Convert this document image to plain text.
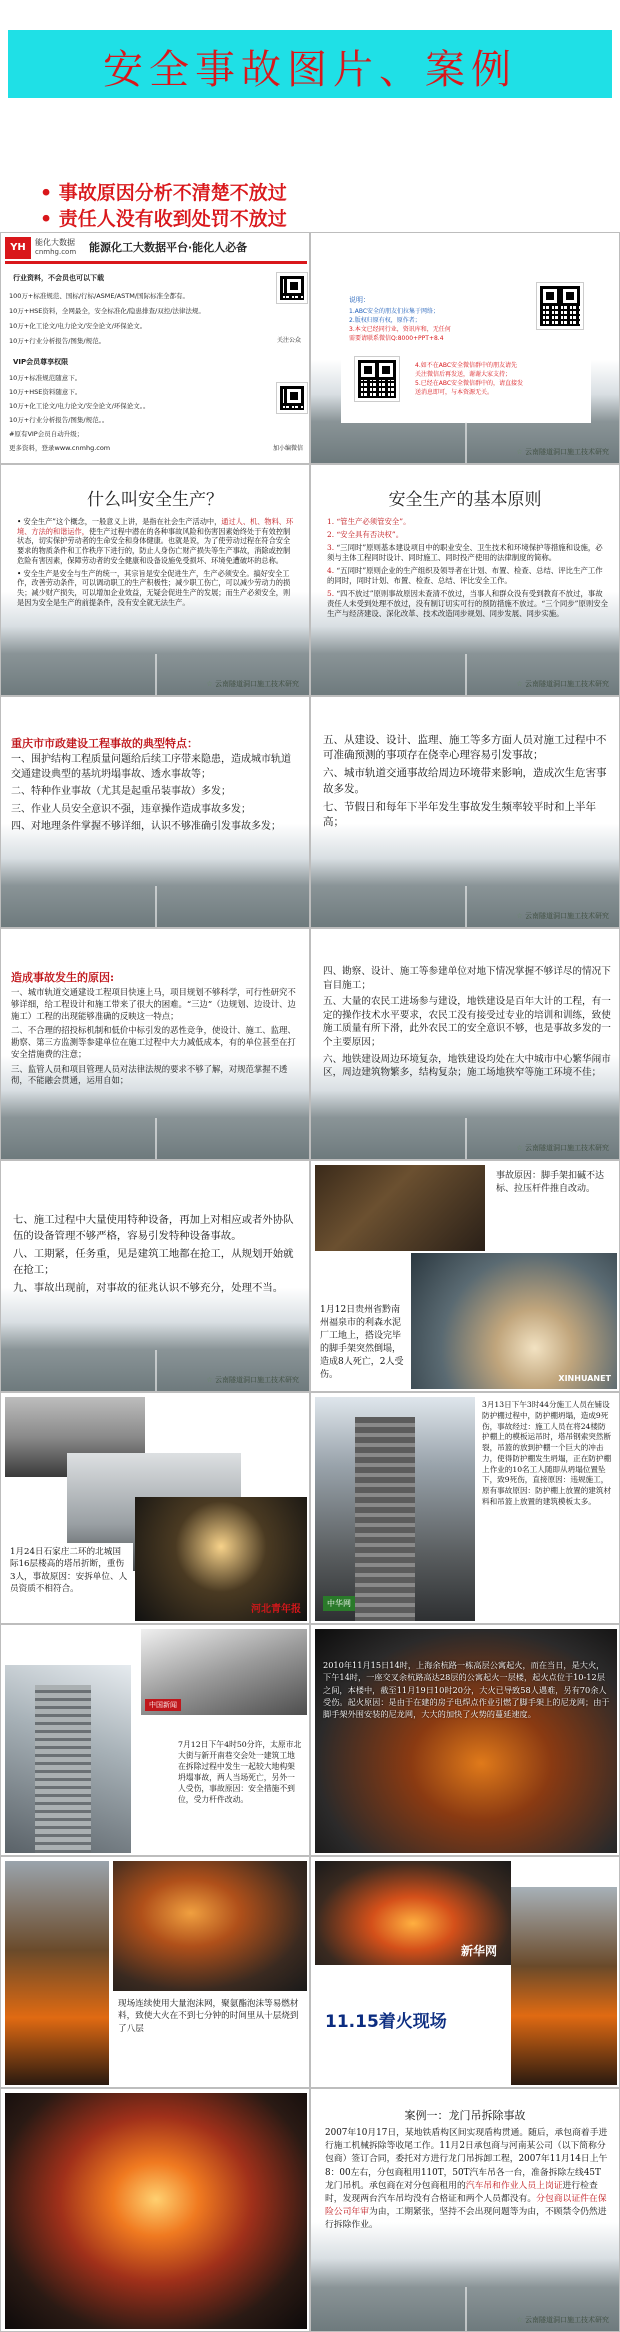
安全事故图片、案例
• 事故原因分析不清楚不放过
• 责任人没有收到处罚不放过
YH	能化大数据
cnmhg.com 能源化工大数据平台·能化人必备
行业资料，不会员也可以下载
100万+标准规范、国标/行标/ASME/ASTM/国际标准全都有。
10万+HSE资料，全网最全，安全标准化/隐患排查/双控/法律法规。
10万+化工论文/电力论文/安全论文/环保论文。
10万+行业分析报告/图集/规范。	关注公众
VIP会员尊享权限
10万+标准规范随意下。
10万+HSE资料随意下。
10万+化工论文/电力论文/安全论文/环保论文。。
10万+行业分析报告/图集/规范。。
#原有VIP会员自动升级；
更多资料，登录www.cnmhg.com	加小编微信
说明：
1.ABC安全的朋友们拉集于网络；
2.版权归原有权，原作者；
3.本文已经同行业，资讯库和，无任何
需要请联系微信Q:8000+PPT+8.4
4.如不在ABC安全微信群中的朋友请先
关注微信后再发送，谢谢大家支持；
5.已经在ABC安全微信群中的，请直接发
送消息即可，与本资源无关。
☆ 云南隧道洞口施工技术研究
什么叫安全生产？

• 安全生产”这个概念，一般意义上讲，是指在社会生产活动中，通过人、机、物料、环境、方法的和谐运作，使生产过程中潜在的各种事故风险和伤害因素始终处于有效控制状态，切实保护劳动者的生命安全和身体健康。也就是说，为了使劳动过程在符合安全要求的物质条件和工作秩序下进行的，防止人身伤亡财产损失等生产事故，消除或控制危险有害因素，保障劳动者的安全健康和设备设施免受损坏、环境免遭破坏的总称。

• 安全生产是安全与生产的统一，其宗旨是安全促进生产，生产必须安全。搞好安全工作，改善劳动条件，可以调动职工的生产积极性；减少职工伤亡，可以减少劳动力的损失；减少财产损失，可以增加企业效益，无疑会促进生产的发展；而生产必须安全，则是因为安全是生产的前提条件，没有安全就无法生产。

☆ 云南隧道洞口施工技术研究
安全生产的基本原则

1. “管生产必须管安全”。

2. “安全具有否决权”。

3. “三同时”原则基本建设项目中的职业安全、卫生技术和环境保护等措施和设施，必须与主体工程同时设计、同时施工、同时投产使用的法律制度的简称。

4. “五同时”原则企业的生产组织及领导者在计划、布置、检查、总结、评比生产工作的同时，同时计划、布置、检查、总结、评比安全工作。

5. “四不放过”原则事故原因未查清不放过，当事人和群众没有受到教育不放过，事故责任人未受到处理不放过，没有制订切实可行的预防措施不放过。“三个同步”原则安全生产与经济建设、深化改革、技术改造同步规划、同步发展、同步实施。

☆ 云南隧道洞口施工技术研究
重庆市市政建设工程事故的典型特点：

一、围护结构工程质量问题给后续工序带来隐患，造成城市轨道交通建设典型的基坑坍塌事故、透水事故等；

二、特种作业事故（尤其是起重吊装事故）多发；

三、作业人员安全意识不强，违章操作造成事故多发；

四、对地理条件掌握不够详细，认识不够准确引发事故多发；

五、从建设、设计、监理、施工等多方面人员对施工过程中不可准确预测的事项存在侥幸心理容易引发事故；

六、城市轨道交通事故给周边环境带来影响，造成次生危害事故多发。

七、节假日和每年下半年发生事故发生频率较平时和上半年高；

☆ 云南隧道洞口施工技术研究
造成事故发生的原因:

一、城市轨道交通建设工程项目快速上马，项目规划不够科学，可行性研究不够详细，给工程设计和施工带来了很大的困难。“三边”（边规划、边设计、边施工）工程的出现能够准确的反映这一特点；

二、不合理的招投标机制和低价中标引发的恶性竞争，使设计、施工、监理、勘察、第三方监测等参建单位在施工过程中大力减低成本，有的单位甚至在打安全措施费的注意；

三、监管人员和项目管理人员对法律法规的要求不够了解，对规范掌握不透彻，不能融会贯通，运用自如；

四、勘察、设计、施工等参建单位对地下情况掌握不够详尽的情况下盲目施工；

五、大量的农民工进场参与建设，地铁建设是百年大计的工程，有一定的操作技术水平要求，农民工没有接受过专业的培训和训练，致使施工质量有所下滑，此外农民工的安全意识不够，也是事故多发的一个主要原因；

六、地铁建设周边环境复杂，地铁建设均处在大中城市中心繁华闹市区，周边建筑物繁多，结构复杂；施工场地狭窄等施工环境不佳；

☆ 云南隧道洞口施工技术研究

七、施工过程中大量使用特种设备，再加上对相应或者外协队伍的设备管理不够严格，容易引发特种设备事故。

八、工期紧，任务重，见是建筑工地都在抢工，从规划开始就在抢工；

九、事故出现前，对事故的征兆认识不够充分，处理不当。

☆ 云南隧道洞口施工技术研究
事故原因：脚手架扣碱不达标、拉压杆件推自改动。
XINHUANET
1月12日贵州省黔南州福泉市的利森水泥厂工地上，搭设完毕的脚手架突然倒塌，造成8人死亡，2人受伤。
河北青年报
1月24日石家庄二环的北城国际16层楼高的塔吊折断，重伤3人，事故原因：安拆单位、人员资质不相符合。
中华网
3月13日下午3时44分施工人员在铺设防护棚过程中，防护棚坍塌，造成9死伤，事故经过：施工人员在将24楼防护棚上的模板运吊时，塔吊钢索突然断裂，吊篮的放到护棚一个巨大的冲击力，使得防护棚发生坍塌，正在防护棚上作业的10名工人随即从坍塌位置坠下，致9死伤，直接原因：违规施工，原有事故原因：防护棚上放置的建筑材料和吊篮上放置的建筑模板太多。
中国新闻
7月12日下午4时50分许，太原市北大街与新开南巷交会处一建筑工地在拆除过程中发生一起较大地构架坍塌事故，两人当场死亡，另外一人受伤，事故原因：安全措施不到位，受力杆件改动。
2010年11月15日14时，上海余杭路一栋高层公寓起火，而在当日，是大火，下午14时，一座交叉余杭路高达28层的公寓起火一层楼，起火点位于10-12层之间，本楼中，截至11月19日10时20分，大火已导致58人遇难，另有70余人受伤。起火原因：是由于在建的房子电焊点作业引燃了脚手架上的尼龙网；由于脚手架外围安装的尼龙网，大大的加快了火势的蔓延速度。
现场连续使用大量泡沫网，聚氨酯泡沫等易燃材料，致使大火在不到七分钟的时间里从十层烧到了八层
新华网
11.15着火现场
案例一：龙门吊拆除事故
2007年10月17日，某地铁盾构区间实现盾构贯通。随后，承包商着手进行施工机械拆除等收尾工作。11月2日承包商与河南某公司（以下简称分包商）签订合同，委托对方进行龙门吊拆卸工程，2007年11月14日上午8：00左右，分包商租用110T，50T汽车吊各一台，准备拆除左线45T龙门吊机。承包商在对分包商租用的汽车吊和作业人员上岗证进行检查时，发现两台汽车吊均没有合格证和两个人员都没有。分包商以证件在保险公司年审为由，工期紧张，坚持不会出现问题等为由，不顾禁令仍然进行拆除作业。
☆ 云南隧道洞口施工技术研究
